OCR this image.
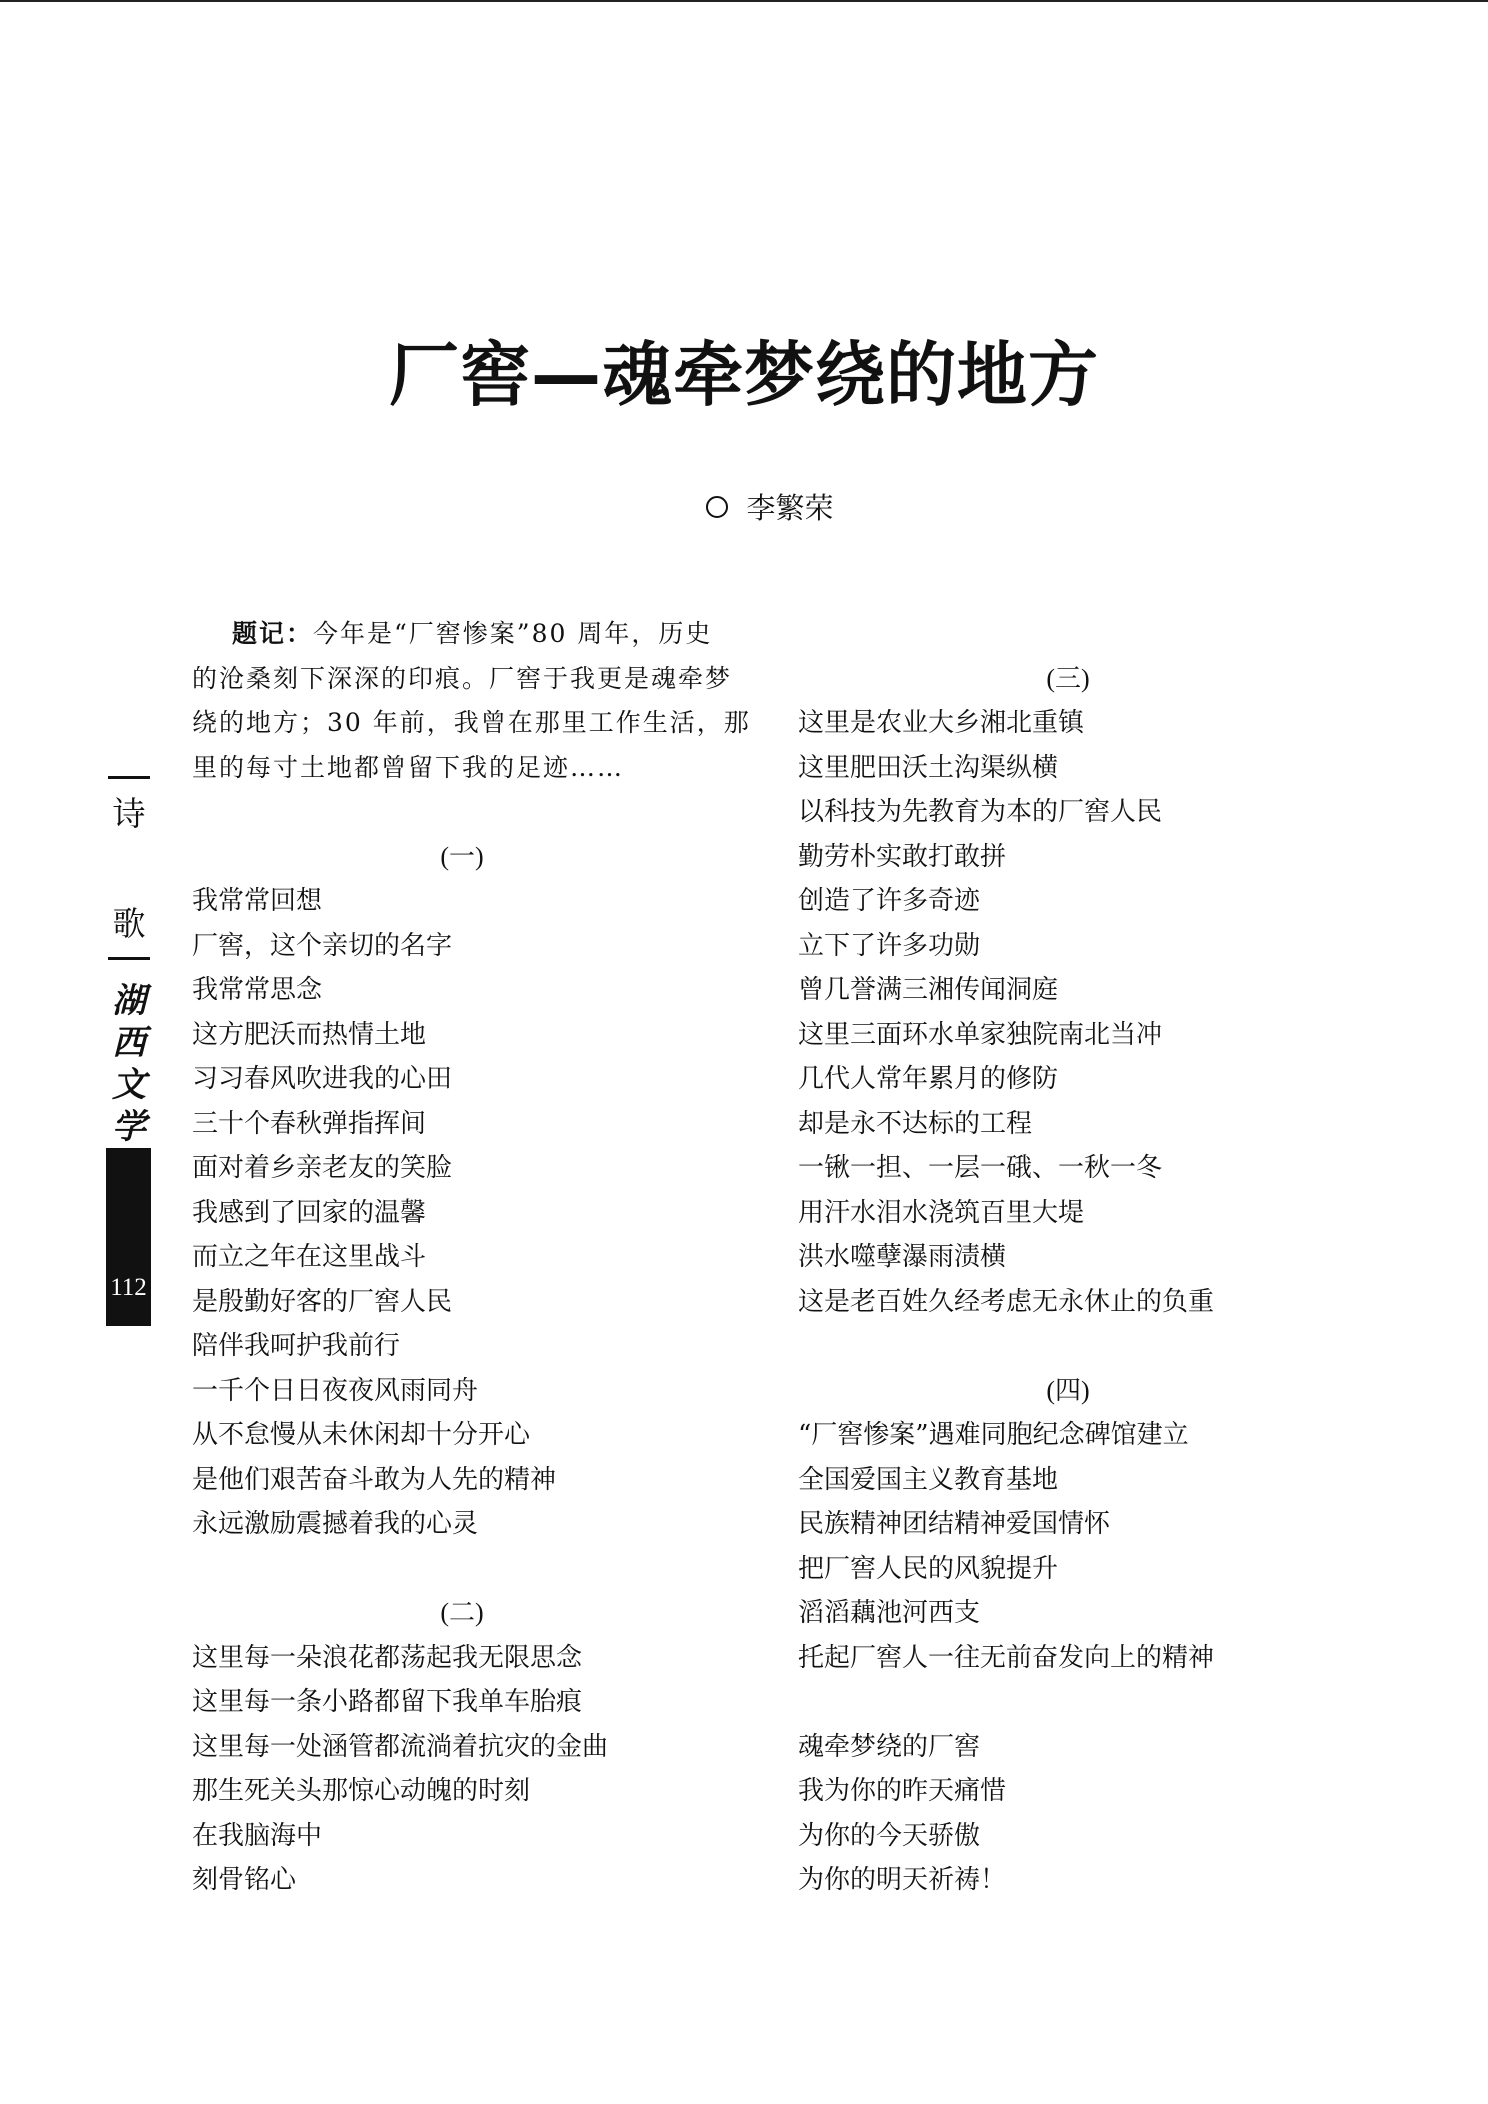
诗
歌
湖
西
文
学
112
厂窖—魂牵梦绕的地方
李繁荣

题记：今年是“厂窖惨案”80 周年，历史

的沧桑刻下深深的印痕。厂窖于我更是魂牵梦

绕的地方；30 年前，我曾在那里工作生活，那

里的每寸土地都曾留下我的足迹……

(一)
我常常回想
厂窖，这个亲切的名字
我常常思念
这方肥沃而热情土地
习习春风吹进我的心田
三十个春秋弹指挥间
面对着乡亲老友的笑脸
我感到了回家的温馨
而立之年在这里战斗
是殷勤好客的厂窖人民
陪伴我呵护我前行
一千个日日夜夜风雨同舟
从不怠慢从未休闲却十分开心
是他们艰苦奋斗敢为人先的精神
永远激励震撼着我的心灵
(二)
这里每一朵浪花都荡起我无限思念
这里每一条小路都留下我单车胎痕
这里每一处涵管都流淌着抗灾的金曲
那生死关头那惊心动魄的时刻
在我脑海中
刻骨铭心
(三)
这里是农业大乡湘北重镇
这里肥田沃土沟渠纵横
以科技为先教育为本的厂窖人民
勤劳朴实敢打敢拼
创造了许多奇迹
立下了许多功勋
曾几誉满三湘传闻洞庭
这里三面环水单家独院南北当冲
几代人常年累月的修防
却是永不达标的工程
一锹一担、一层一硪、一秋一冬
用汗水泪水浇筑百里大堤
洪水噬孽瀑雨渍横
这是老百姓久经考虑无永休止的负重
(四)
“厂窖惨案”遇难同胞纪念碑馆建立
全国爱国主义教育基地
民族精神团结精神爱国情怀
把厂窖人民的风貌提升
滔滔藕池河西支
托起厂窖人一往无前奋发向上的精神
魂牵梦绕的厂窖
我为你的昨天痛惜
为你的今天骄傲
为你的明天祈祷！
